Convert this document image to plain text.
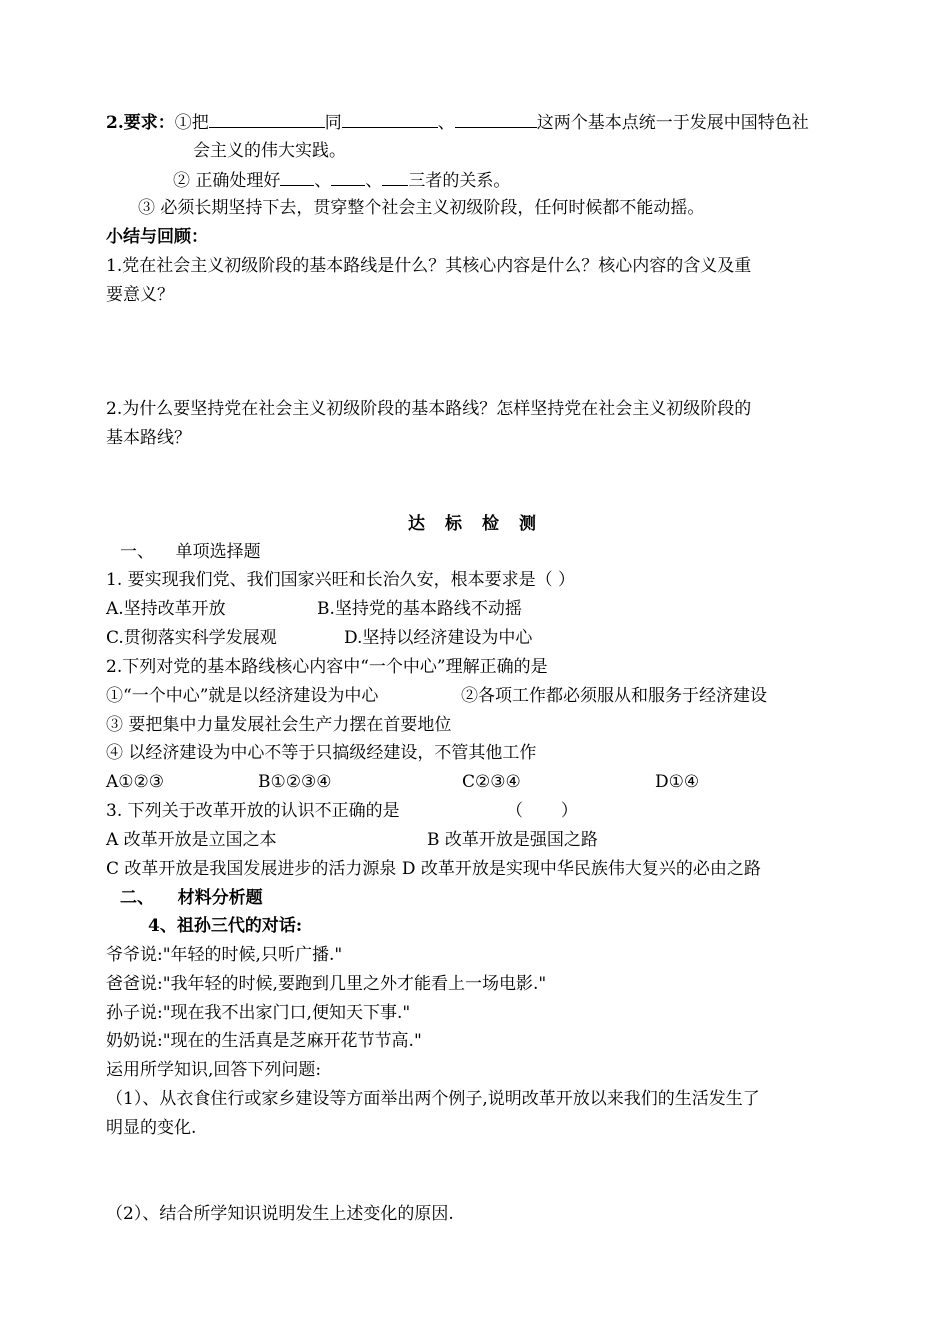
2.要求：①把	同	、	这两个基本点统一于发展中国特色社
会主义的伟大实践。
② 正确处理好 、 、 三者的关系。
③ 必须长期坚持下去，贯穿整个社会主义初级阶段，任何时候都不能动摇。
小结与回顾：
1.党在社会主义初级阶段的基本路线是什么？其核心内容是什么？核心内容的含义及重
要意义？
2.为什么要坚持党在社会主义初级阶段的基本路线？怎样坚持党在社会主义初级阶段的
基本路线？
达标检测
一、    单项选择题
1. 要实现我们党、我们国家兴旺和长治久安，根本要求是（ ）
A.坚持改革开放	B.坚持党的基本路线不动摇
C.贯彻落实科学发展观	D.坚持以经济建设为中心
2.下列对党的基本路线核心内容中“一个中心”理解正确的是
①“一个中心”就是以经济建设为中心	②各项工作都必须服从和服务于经济建设
③ 要把集中力量发展社会生产力摆在首要地位
④ 以经济建设为中心不等于只搞级经建设，不管其他工作
A①②③	B①②③④	C②③④	D①④
3. 下列关于改革开放的认识不正确的是	（       ）
A 改革开放是立国之本	B 改革开放是强国之路
C 改革开放是我国发展进步的活力源泉 D 改革开放是实现中华民族伟大复兴的必由之路
二、    材料分析题
4、祖孙三代的对话:
爷爷说:"年轻的时候,只听广播."
爸爸说:"我年轻的时候,要跑到几里之外才能看上一场电影."
孙子说:"现在我不出家门口,便知天下事."
奶奶说:"现在的生活真是芝麻开花节节高."
运用所学知识,回答下列问题:
（1）、从衣食住行或家乡建设等方面举出两个例子,说明改革开放以来我们的生活发生了
明显的变化.
（2）、结合所学知识说明发生上述变化的原因.
